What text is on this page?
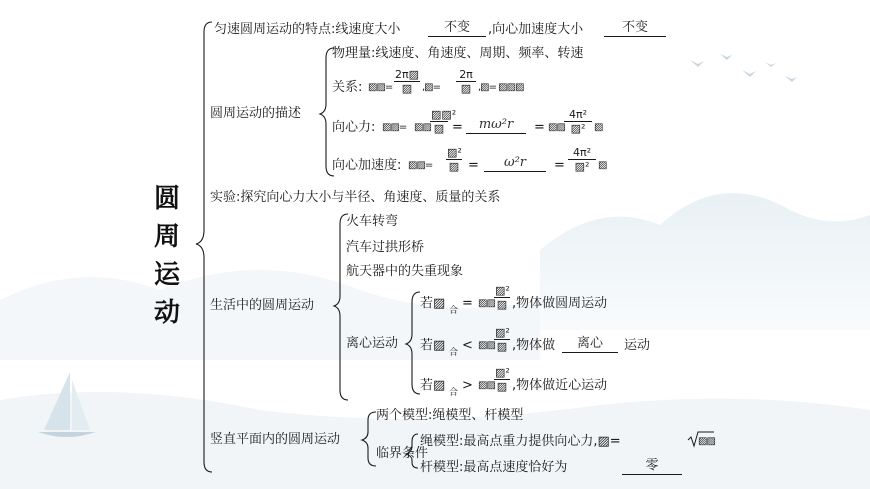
圆
周
运
动
匀速圆周运动的特点:线速度大小	不变	,向心加速度大小	不变
圆周运动的描述
物理量:线速度、角速度、周期、频率、转速
关系: ▨▨=
2π▨
▨ ,▨=
2π
▨ ,▨= ▨▨▨
向心力: ▨▨= ▨▨
▨▨²
▨ =	mω²r	= ▨▨
4π²
▨² ▨
向心加速度: ▨▨=
▨²
▨ =	ω²r	=
4π²
▨² ▨
实验:探究向心力大小与半径、角速度、质量的关系
生活中的圆周运动
火车转弯
汽车过拱形桥
航天器中的失重现象
离心运动
若▨ 合 = ▨▨
▨²
▨ ,物体做圆周运动
若▨ 合 < ▨▨
▨²
▨ ,物体做	离心	运动
若▨ 合 > ▨▨
▨²
▨ ,物体做近心运动
竖直平面内的圆周运动
两个模型:绳模型、杆模型
临界条件
绳模型:最高点重力提供向心力,▨=	▨▨
杆模型:最高点速度恰好为	零
